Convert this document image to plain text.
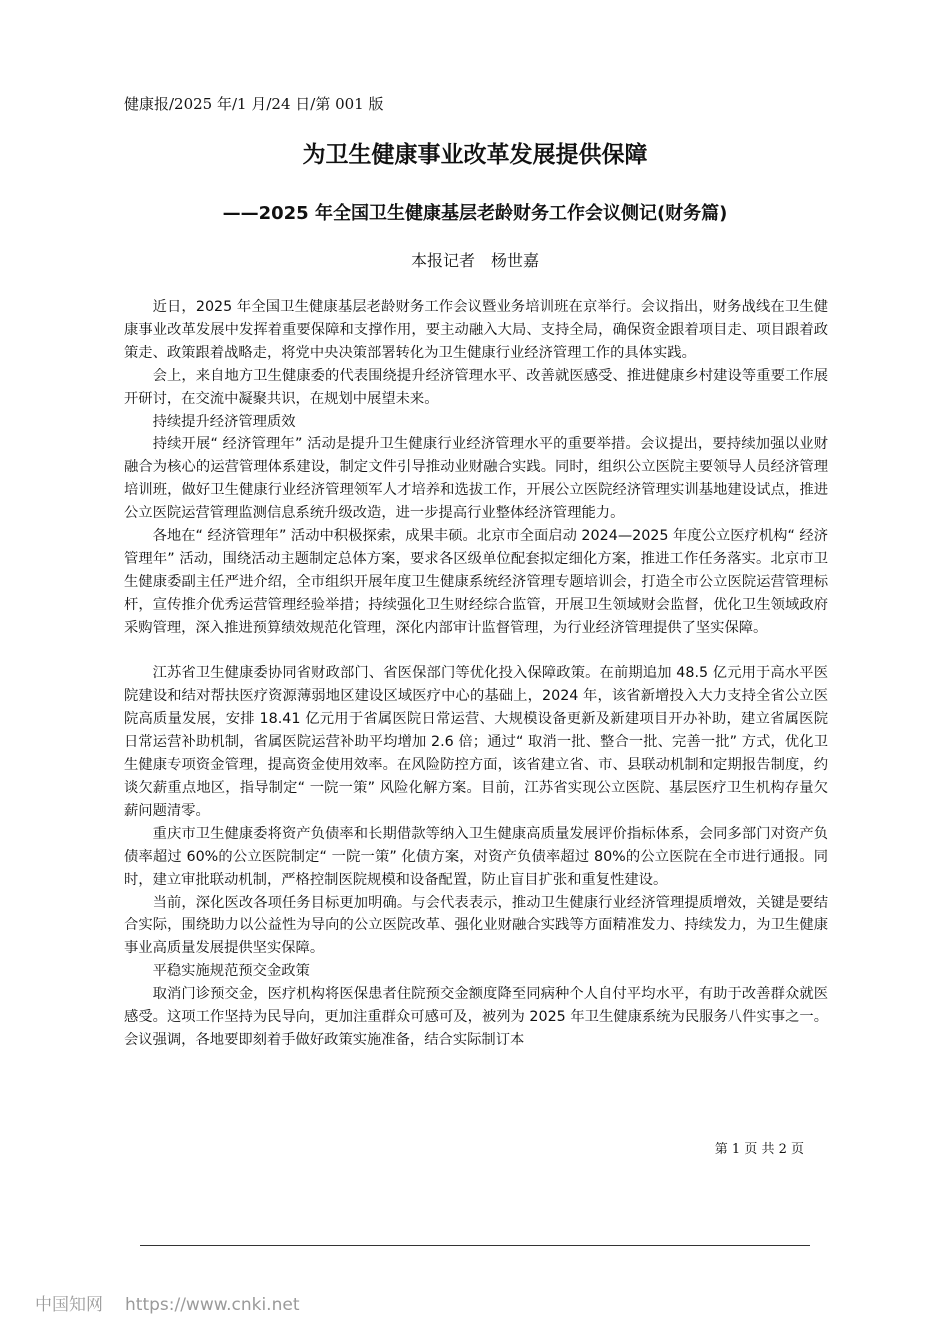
健康报/2025 年/1 月/24 日/第 001 版
为卫生健康事业改革发展提供保障
——2025 年全国卫生健康基层老龄财务工作会议侧记(财务篇)
本报记者　杨世嘉

近日，2025 年全国卫生健康基层老龄财务工作会议暨业务培训班在京举行。会议指出，财务战线在卫生健康事业改革发展中发挥着重要保障和支撑作用，要主动融入大局、支持全局，确保资金跟着项目走、项目跟着政策走、政策跟着战略走，将党中央决策部署转化为卫生健康行业经济管理工作的具体实践。

会上，来自地方卫生健康委的代表围绕提升经济管理水平、改善就医感受、推进健康乡村建设等重要工作展开研讨，在交流中凝聚共识，在规划中展望未来。

持续提升经济管理质效

持续开展“ 经济管理年” 活动是提升卫生健康行业经济管理水平的重要举措。会议提出，要持续加强以业财融合为核心的运营管理体系建设，制定文件引导推动业财融合实践。同时，组织公立医院主要领导人员经济管理培训班，做好卫生健康行业经济管理领军人才培养和选拔工作，开展公立医院经济管理实训基地建设试点，推进公立医院运营管理监测信息系统升级改造，进一步提高行业整体经济管理能力。

各地在“ 经济管理年” 活动中积极探索，成果丰硕。北京市全面启动 2024—2025 年度公立医疗机构“ 经济管理年” 活动，围绕活动主题制定总体方案，要求各区级单位配套拟定细化方案，推进工作任务落实。北京市卫生健康委副主任严进介绍，全市组织开展年度卫生健康系统经济管理专题培训会，打造全市公立医院运营管理标杆，宣传推介优秀运营管理经验举措；持续强化卫生财经综合监管，开展卫生领域财会监督，优化卫生领域政府采购管理，深入推进预算绩效规范化管理，深化内部审计监督管理，为行业经济管理提供了坚实保障。

江苏省卫生健康委协同省财政部门、省医保部门等优化投入保障政策。在前期追加 48.5 亿元用于高水平医院建设和结对帮扶医疗资源薄弱地区建设区域医疗中心的基础上，2024 年，该省新增投入大力支持全省公立医院高质量发展，安排 18.41 亿元用于省属医院日常运营、大规模设备更新及新建项目开办补助，建立省属医院日常运营补助机制，省属医院运营补助平均增加 2.6 倍；通过“ 取消一批、整合一批、完善一批” 方式，优化卫生健康专项资金管理，提高资金使用效率。在风险防控方面，该省建立省、市、县联动机制和定期报告制度，约谈欠薪重点地区，指导制定“ 一院一策” 风险化解方案。目前，江苏省实现公立医院、基层医疗卫生机构存量欠薪问题清零。

重庆市卫生健康委将资产负债率和长期借款等纳入卫生健康高质量发展评价指标体系，会同多部门对资产负债率超过 60%的公立医院制定“ 一院一策” 化债方案，对资产负债率超过 80%的公立医院在全市进行通报。同时，建立审批联动机制，严格控制医院规模和设备配置，防止盲目扩张和重复性建设。

当前，深化医改各项任务目标更加明确。与会代表表示，推动卫生健康行业经济管理提质增效，关键是要结合实际，围绕助力以公益性为导向的公立医院改革、强化业财融合实践等方面精准发力、持续发力，为卫生健康事业高质量发展提供坚实保障。

平稳实施规范预交金政策

取消门诊预交金，医疗机构将医保患者住院预交金额度降至同病种个人自付平均水平，有助于改善群众就医感受。这项工作坚持为民导向，更加注重群众可感可及，被列为 2025 年卫生健康系统为民服务八件实事之一。会议强调，各地要即刻着手做好政策实施准备，结合实际制订本

第 1 页 共 2 页
中国知网 https://www.cnki.net
